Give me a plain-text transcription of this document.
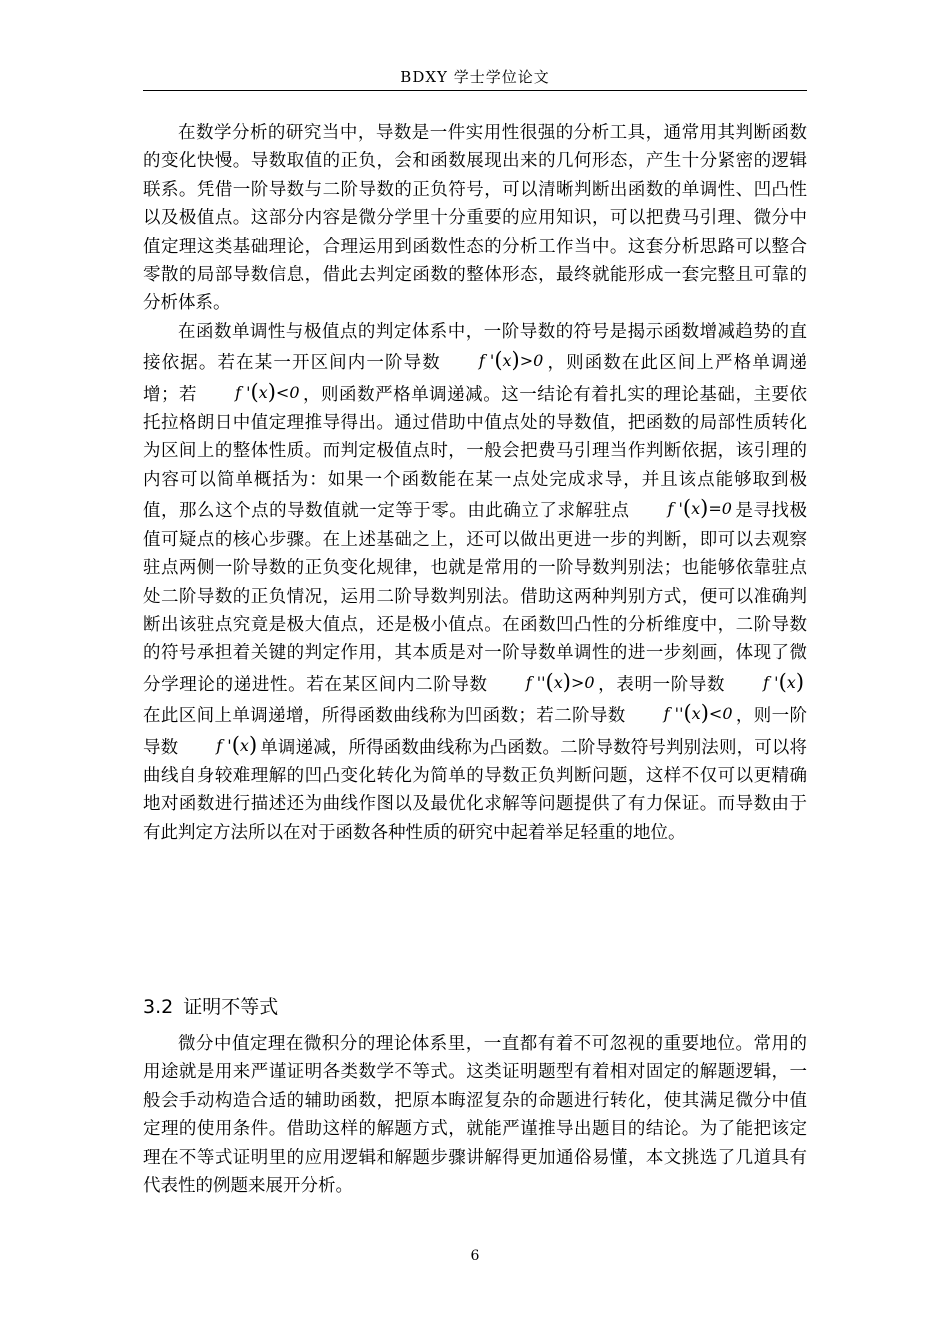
BDXY 学士学位论文

在数学分析的研究当中，导数是一件实用性很强的分析工具，通常用其判断函数的变化快慢。导数取值的正负，会和函数展现出来的几何形态，产生十分紧密的逻辑联系。凭借一阶导数与二阶导数的正负符号，可以清晰判断出函数的单调性、凹凸性以及极值点。这部分内容是微分学里十分重要的应用知识，可以把费马引理、微分中值定理这类基础理论，合理运用到函数性态的分析工作当中。这套分析思路可以整合零散的局部导数信息，借此去判定函数的整体形态，最终就能形成一套完整且可靠的分析体系。

在函数单调性与极值点的判定体系中，一阶导数的符号是揭示函数增减趋势的直接依据。若在某一开区间内一阶导数 f '(x)>0 ，则函数在此区间上严格单调递增；若 f '(x)<0 ，则函数严格单调递减。这一结论有着扎实的理论基础，主要依托拉格朗日中值定理推导得出。通过借助中值点处的导数值，把函数的局部性质转化为区间上的整体性质。而判定极值点时，一般会把费马引理当作判断依据，该引理的内容可以简单概括为：如果一个函数能在某一点处完成求导，并且该点能够取到极值，那么这个点的导数值就一定等于零。由此确立了求解驻点 f '(x)=0 是寻找极值可疑点的核心步骤。在上述基础之上，还可以做出更进一步的判断，即可以去观察驻点两侧一阶导数的正负变化规律，也就是常用的一阶导数判别法；也能够依靠驻点处二阶导数的正负情况，运用二阶导数判别法。借助这两种判别方式，便可以准确判断出该驻点究竟是极大值点，还是极小值点。在函数凹凸性的分析维度中，二阶导数的符号承担着关键的判定作用，其本质是对一阶导数单调性的进一步刻画，体现了微分学理论的递进性。若在某区间内二阶导数 f ''(x)>0 ，表明一阶导数 f '(x)在此区间上单调递增，所得函数曲线称为凹函数；若二阶导数 f ''(x)<0 ，则一阶导数 f '(x) 单调递减，所得函数曲线称为凸函数。二阶导数符号判别法则，可以将曲线自身较难理解的凹凸变化转化为简单的导数正负判断问题，这样不仅可以更精确地对函数进行描述还为曲线作图以及最优化求解等问题提供了有力保证。而导数由于有此判定方法所以在对于函数各种性质的研究中起着举足轻重的地位。

3.2 证明不等式

微分中值定理在微积分的理论体系里，一直都有着不可忽视的重要地位。常用的用途就是用来严谨证明各类数学不等式。这类证明题型有着相对固定的解题逻辑，一般会手动构造合适的辅助函数，把原本晦涩复杂的命题进行转化，使其满足微分中值定理的使用条件。借助这样的解题方式，就能严谨推导出题目的结论。为了能把该定理在不等式证明里的应用逻辑和解题步骤讲解得更加通俗易懂，本文挑选了几道具有代表性的例题来展开分析。

6
